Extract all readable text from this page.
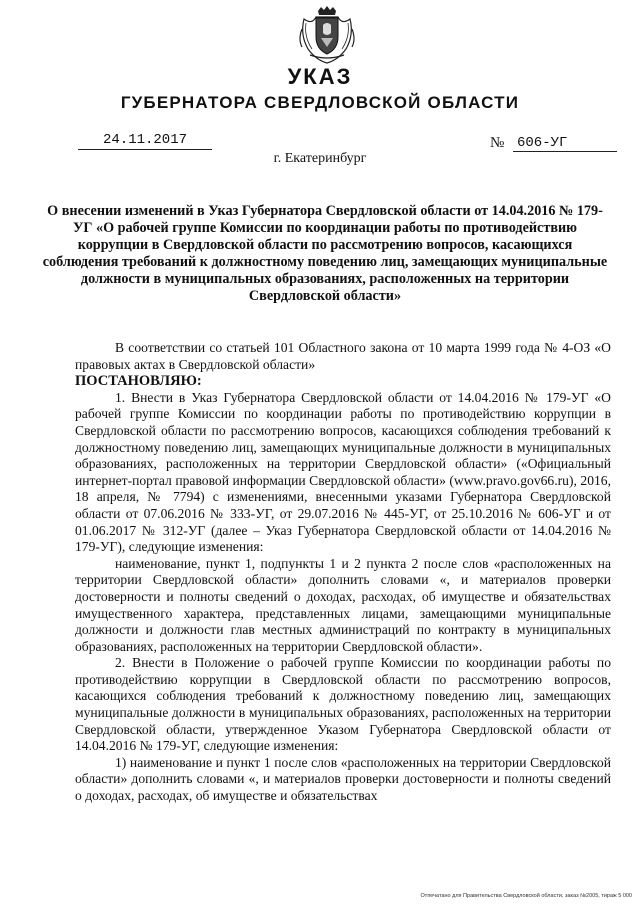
УКАЗ
ГУБЕРНАТОРА СВЕРДЛОВСКОЙ ОБЛАСТИ
24.11.2017	№ 606-УГ
г. Екатеринбург
О внесении изменений в Указ Губернатора Свердловской области от 14.04.2016 № 179-УГ «О рабочей группе Комиссии по координации работы по противодействию коррупции в Свердловской области по рассмотрению вопросов, касающихся соблюдения требований к должностному поведению лиц, замещающих муниципальные должности в муниципальных образованиях, расположенных на территории Свердловской области»

В соответствии со статьей 101 Областного закона от 10 марта 1999 года № 4-ОЗ «О правовых актах в Свердловской области»

ПОСТАНОВЛЯЮ:

1. Внести в Указ Губернатора Свердловской области от 14.04.2016 № 179-УГ «О рабочей группе Комиссии по координации работы по противодействию коррупции в Свердловской области по рассмотрению вопросов, касающихся соблюдения требований к должностному поведению лиц, замещающих муниципальные должности в муниципальных образованиях, расположенных на территории Свердловской области» («Официальный интернет-портал правовой информации Свердловской области» (www.pravo.gov66.ru), 2016, 18 апреля, № 7794) с изменениями, внесенными указами Губернатора Свердловской области от 07.06.2016 № 333-УГ, от 29.07.2016 № 445-УГ, от 25.10.2016 № 606-УГ и от 01.06.2017 № 312-УГ (далее – Указ Губернатора Свердловской области от 14.04.2016 № 179-УГ), следующие изменения:

наименование, пункт 1, подпункты 1 и 2 пункта 2 после слов «расположенных на территории Свердловской области» дополнить словами «, и материалов проверки достоверности и полноты сведений о доходах, расходах, об имуществе и обязательствах имущественного характера, представленных лицами, замещающими муниципальные должности и должности глав местных администраций по контракту в муниципальных образованиях, расположенных на территории Свердловской области».

2. Внести в Положение о рабочей группе Комиссии по координации работы по противодействию коррупции в Свердловской области по рассмотрению вопросов, касающихся соблюдения требований к должностному поведению лиц, замещающих муниципальные должности в муниципальных образованиях, расположенных на территории Свердловской области, утвержденное Указом Губернатора Свердловской области от 14.04.2016 № 179-УГ, следующие изменения:

1) наименование и пункт 1 после слов «расположенных на территории Свердловской области» дополнить словами «, и материалов проверки достоверности и полноты сведений о доходах, расходах, об имуществе и обязательствах

Отпечатано для Правительства Свердловской области, заказ №2005, тираж 5 000
